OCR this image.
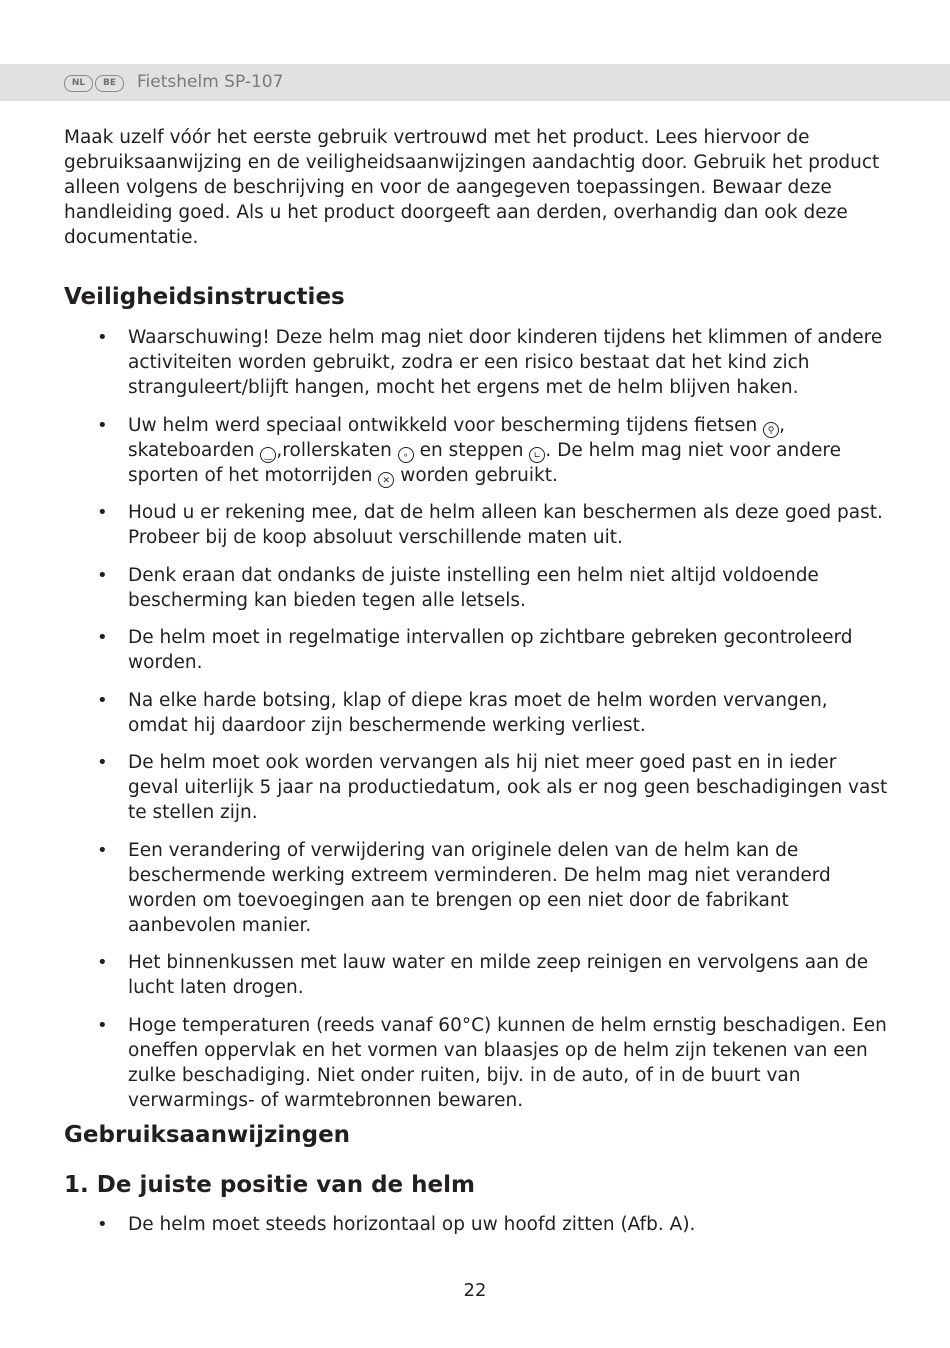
NL	BE	Fietshelm SP-107

Maak uzelf vóór het eerste gebruik vertrouwd met het product. Lees hiervoor de gebruiksaanwijzing en de veiligheidsaanwijzingen aandachtig door. Gebruik het product alleen volgens de beschrijving en voor de aangegeven toepassingen. Bewaar deze handleiding goed. Als u het product doorgeeft aan derden, overhandig dan ook deze documentatie.

Veiligheidsinstructies
• Waarschuwing! Deze helm mag niet door kinderen tijdens het klimmen of andere activiteiten worden gebruikt, zodra er een risico bestaat dat het kind zich stranguleert/blijft hangen, mocht het ergens met de helm blijven haken.
• Uw helm werd speciaal ontwikkeld voor bescherming tijdens fietsen ⚲ , skateboarden ‿ ,rollerskaten ∘ en steppen ∟ . De helm mag niet voor andere sporten of het motorrijden ✕ worden gebruikt.
• Houd u er rekening mee, dat de helm alleen kan beschermen als deze goed past. Probeer bij de koop absoluut verschillende maten uit.
• Denk eraan dat ondanks de juiste instelling een helm niet altijd voldoende bescherming kan bieden tegen alle letsels.
• De helm moet in regelmatige intervallen op zichtbare gebreken gecontroleerd worden.
• Na elke harde botsing, klap of diepe kras moet de helm worden vervangen, omdat hij daardoor zijn beschermende werking verliest.
• De helm moet ook worden vervangen als hij niet meer goed past en in ieder geval uiterlijk 5 jaar na productiedatum, ook als er nog geen beschadigingen vast te stellen zijn.
• Een verandering of verwijdering van originele delen van de helm kan de beschermende werking extreem verminderen. De helm mag niet veranderd worden om toevoegingen aan te brengen op een niet door de fabrikant aanbevolen manier.
• Het binnenkussen met lauw water en milde zeep reinigen en vervolgens aan de lucht laten drogen.
• Hoge temperaturen (reeds vanaf 60°C) kunnen de helm ernstig beschadigen. Een oneffen oppervlak en het vormen van blaasjes op de helm zijn tekenen van een zulke beschadiging. Niet onder ruiten, bijv. in de auto, of in de buurt van verwarmings- of warmtebronnen bewaren.
Gebruiksaanwijzingen
1. De juiste positie van de helm
• De helm moet steeds horizontaal op uw hoofd zitten (Afb. A).
22
